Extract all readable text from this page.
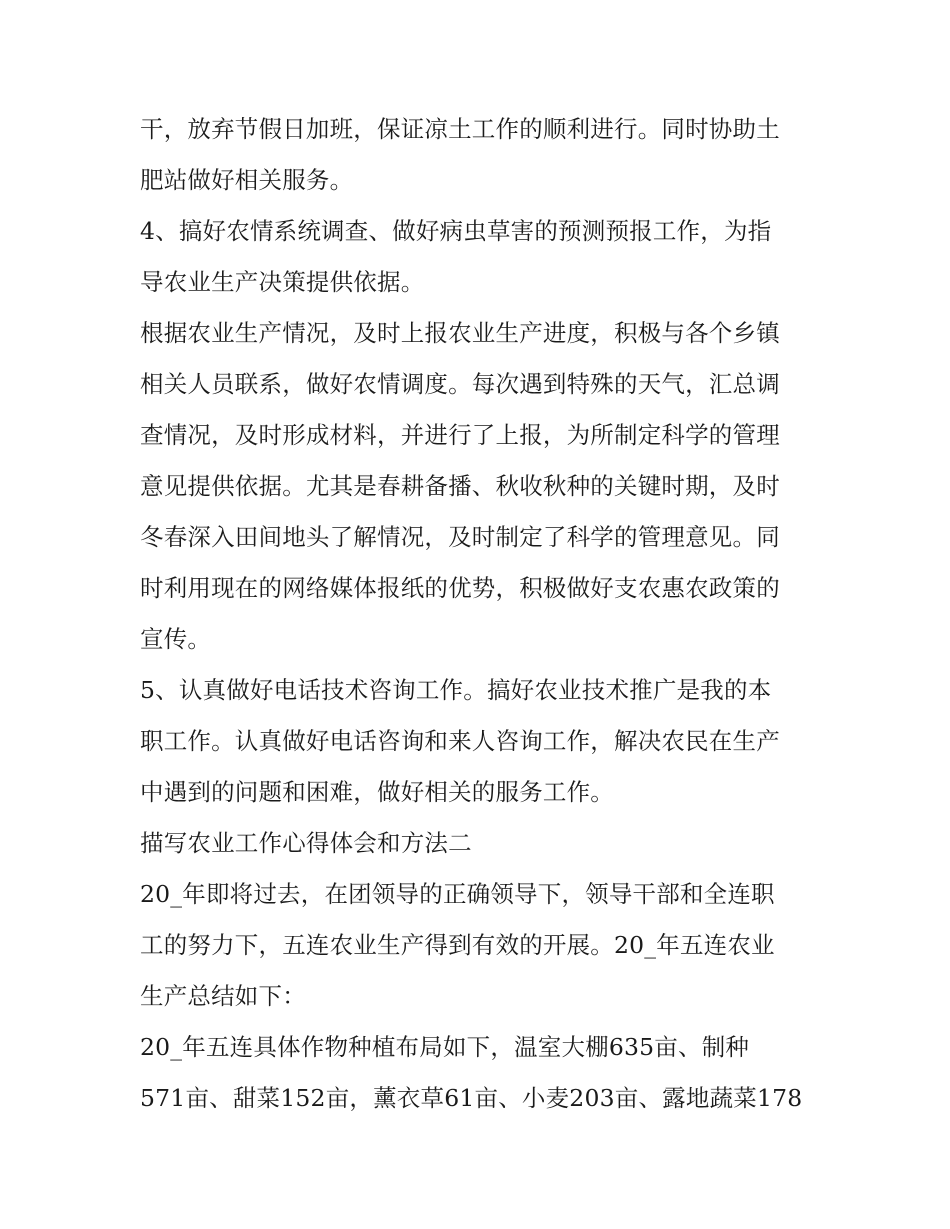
干，放弃节假日加班，保证凉土工作的顺利进行。同时协助土
肥站做好相关服务。
4、搞好农情系统调查、做好病虫草害的预测预报工作，为指
导农业生产决策提供依据。
根据农业生产情况，及时上报农业生产进度，积极与各个乡镇
相关人员联系，做好农情调度。每次遇到特殊的天气，汇总调
查情况，及时形成材料，并进行了上报，为所制定科学的管理
意见提供依据。尤其是春耕备播、秋收秋种的关键时期，及时
冬春深入田间地头了解情况，及时制定了科学的管理意见。同
时利用现在的网络媒体报纸的优势，积极做好支农惠农政策的
宣传。
5、认真做好电话技术咨询工作。搞好农业技术推广是我的本
职工作。认真做好电话咨询和来人咨询工作，解决农民在生产
中遇到的问题和困难，做好相关的服务工作。
描写农业工作心得体会和方法二
20_年即将过去，在团领导的正确领导下，领导干部和全连职
工的努力下，五连农业生产得到有效的开展。20_年五连农业
生产总结如下：
20_年五连具体作物种植布局如下，温室大棚635亩、制种
571亩、甜菜152亩，薰衣草61亩、小麦203亩、露地蔬菜178
